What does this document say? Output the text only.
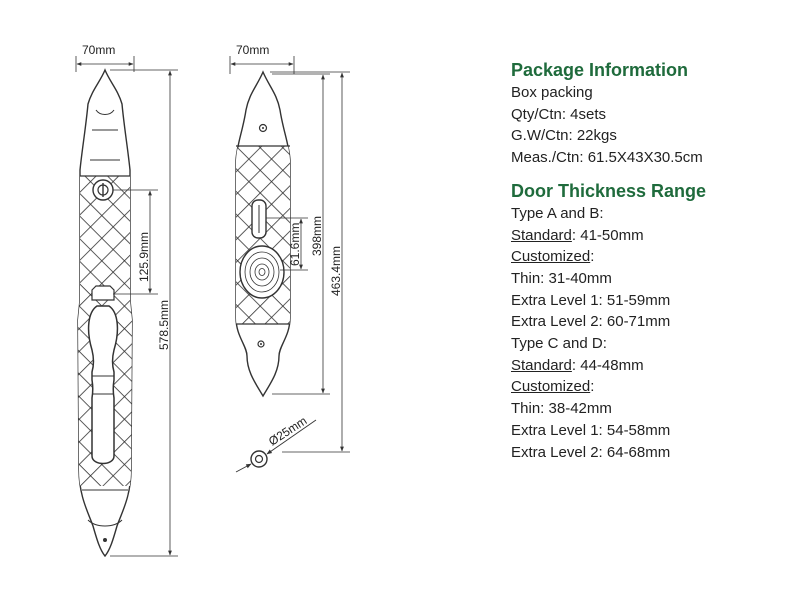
70mm
578.5mm
125.9mm
70mm
463.4mm
398mm
61.6mm
Ø25mm
Package Information
Box packing
Qty/Ctn: 4sets
G.W/Ctn: 22kgs
Meas./Ctn: 61.5X43X30.5cm
Door Thickness Range
Type A and B:
Standard: 41-50mm
Customized:
Thin: 31-40mm
Extra Level 1: 51-59mm
Extra Level 2: 60-71mm
Type C and D:
Standard: 44-48mm
Customized:
Thin: 38-42mm
Extra Level 1: 54-58mm
Extra Level 2: 64-68mm
